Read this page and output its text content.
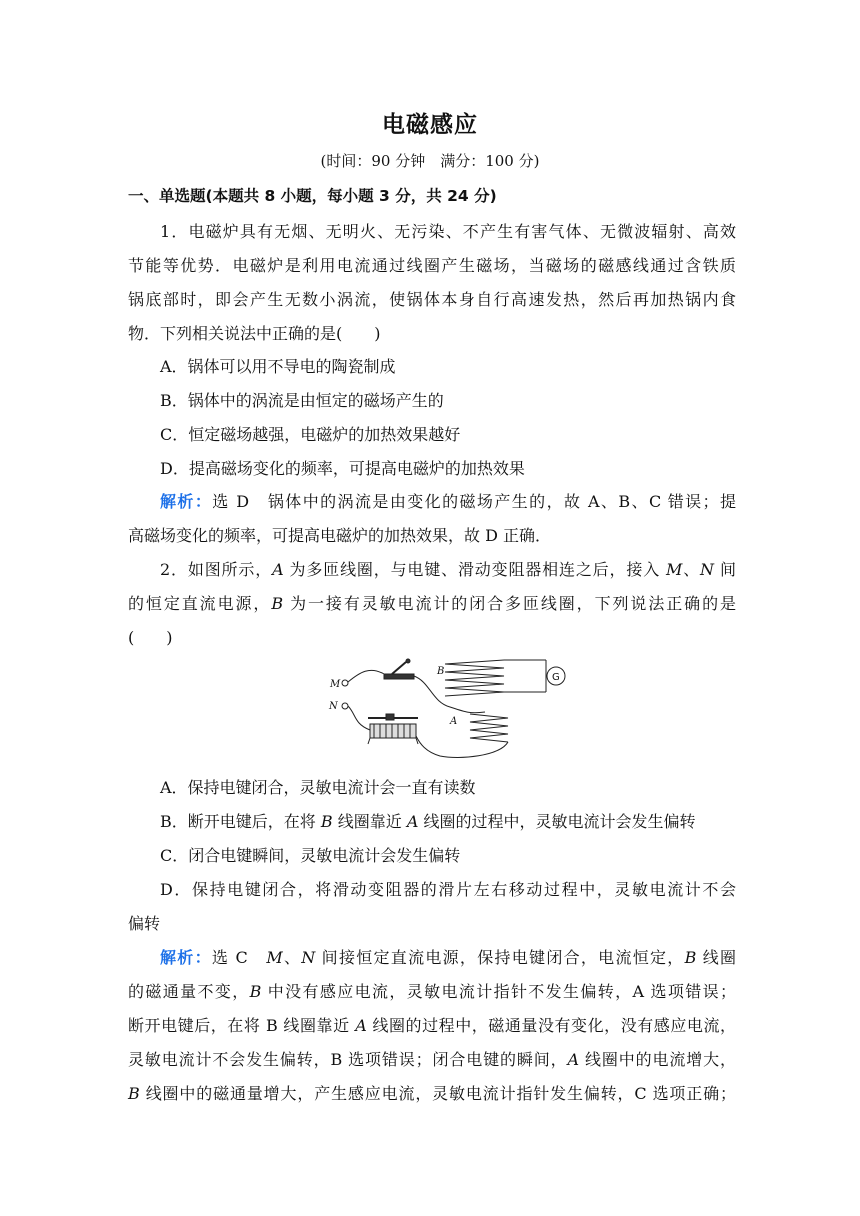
电磁感应
(时间：90 分钟　满分：100 分)
一、单选题(本题共 8 小题，每小题 3 分，共 24 分)
1．电磁炉具有无烟、无明火、无污染、不产生有害气体、无微波辐射、高效
节能等优势．电磁炉是利用电流通过线圈产生磁场，当磁场的磁感线通过含铁质
锅底部时，即会产生无数小涡流，使锅体本身自行高速发热，然后再加热锅内食
物．下列相关说法中正确的是(　　)
A．锅体可以用不导电的陶瓷制成
B．锅体中的涡流是由恒定的磁场产生的
C．恒定磁场越强，电磁炉的加热效果越好
D．提高磁场变化的频率，可提高电磁炉的加热效果
解析：选 D　锅体中的涡流是由变化的磁场产生的，故 A、B、C 错误；提
高磁场变化的频率，可提高电磁炉的加热效果，故 D 正确．
2．如图所示，A 为多匝线圈，与电键、滑动变阻器相连之后，接入 M、N 间
的恒定直流电源，B 为一接有灵敏电流计的闭合多匝线圈，下列说法正确的是
(　　)
M
N
B
A
G
A．保持电键闭合，灵敏电流计会一直有读数
B．断开电键后，在将 B 线圈靠近 A 线圈的过程中，灵敏电流计会发生偏转
C．闭合电键瞬间，灵敏电流计会发生偏转
D．保持电键闭合，将滑动变阻器的滑片左右移动过程中，灵敏电流计不会
偏转
解析：选 C　M、N 间接恒定直流电源，保持电键闭合，电流恒定，B 线圈
的磁通量不变，B 中没有感应电流，灵敏电流计指针不发生偏转，A 选项错误；
断开电键后，在将 B 线圈靠近 A 线圈的过程中，磁通量没有变化，没有感应电流，
灵敏电流计不会发生偏转，B 选项错误；闭合电键的瞬间，A 线圈中的电流增大，
B 线圈中的磁通量增大，产生感应电流，灵敏电流计指针发生偏转，C 选项正确；
